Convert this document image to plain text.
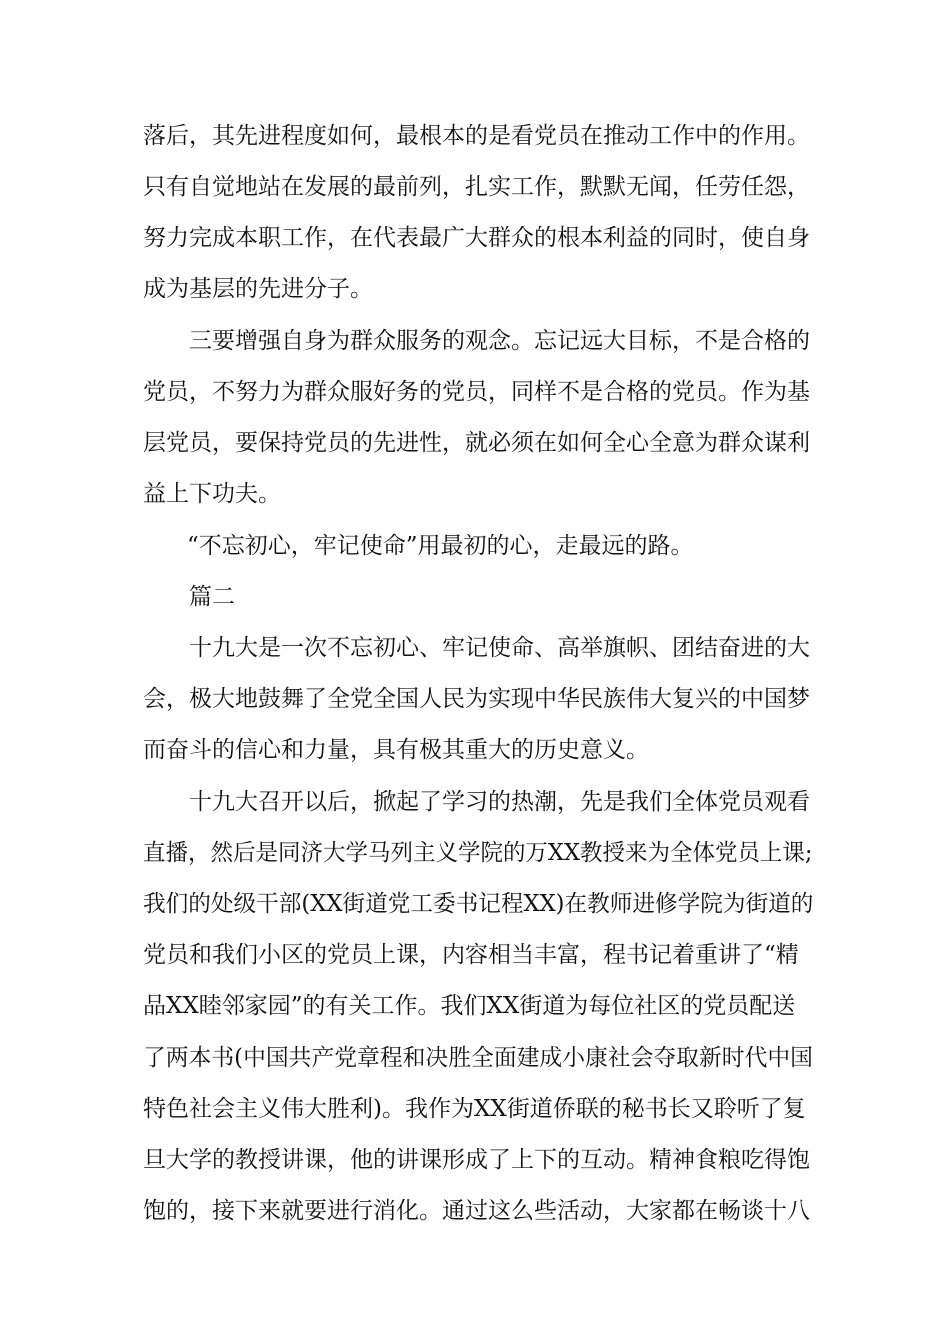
落后，其先进程度如何，最根本的是看党员在推动工作中的作用。
只有自觉地站在发展的最前列，扎实工作，默默无闻，任劳任怨，
努力完成本职工作，在代表最广大群众的根本利益的同时，使自身
成为基层的先进分子。
三要增强自身为群众服务的观念。忘记远大目标，不是合格的
党员，不努力为群众服好务的党员，同样不是合格的党员。作为基
层党员，要保持党员的先进性，就必须在如何全心全意为群众谋利
益上下功夫。
“不忘初心，牢记使命”用最初的心，走最远的路。
篇二
十九大是一次不忘初心、牢记使命、高举旗帜、团结奋进的大
会，极大地鼓舞了全党全国人民为实现中华民族伟大复兴的中国梦
而奋斗的信心和力量，具有极其重大的历史意义。
十九大召开以后，掀起了学习的热潮，先是我们全体党员观看
直播，然后是同济大学马列主义学院的万XX教授来为全体党员上课;
我们的处级干部(XX街道党工委书记程XX)在教师进修学院为街道的
党员和我们小区的党员上课，内容相当丰富，程书记着重讲了“精
品XX睦邻家园”的有关工作。我们XX街道为每位社区的党员配送
了两本书(中国共产党章程和决胜全面建成小康社会夺取新时代中国
特色社会主义伟大胜利)。我作为XX街道侨联的秘书长又聆听了复
旦大学的教授讲课，他的讲课形成了上下的互动。精神食粮吃得饱
饱的，接下来就要进行消化。通过这么些活动，大家都在畅谈十八
